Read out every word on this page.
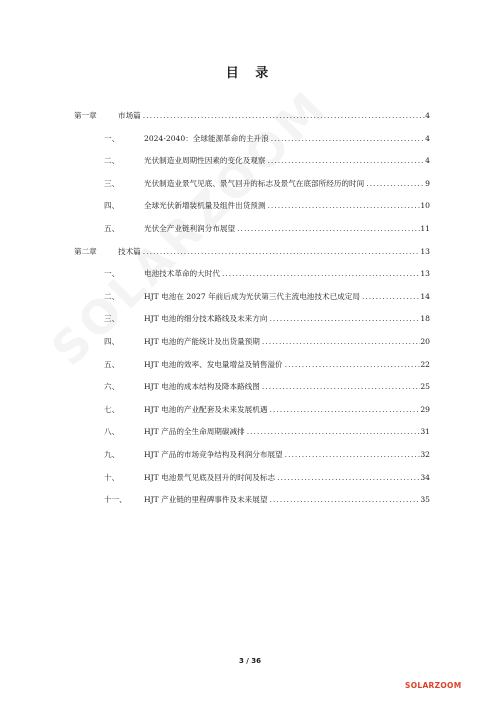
目 录
第一章	市场篇 .....	4
一、	2024-2040：全球能源革命的主升浪 .....	4
二、	光伏制造业周期性因素的变化及观察 .....	4
三、	光伏制造业景气见底、景气回升的标志及景气在底部所经历的时间 .....	9
四、	全球光伏新增装机量及组件出货预测 .....	10
五、	光伏全产业链利润分布展望 .....	11
第二章	技术篇 .....	13
一、	电池技术革命的大时代 .....	13
二、	HJT 电池在 2027 年前后成为光伏第三代主流电池技术已成定局 .....	14
三、	HJT 电池的细分技术路线及未来方向 .....	18
四、	HJT 电池的产能统计及出货量预期 .....	20
五、	HJT 电池的效率、发电量增益及销售溢价 .....	22
六、	HJT 电池的成本结构及降本路线图 .....	25
七、	HJT 电池的产业配套及未来发展机遇 .....	29
八、	HJT 产品的全生命周期碳减排 .....	31
九、	HJT 产品的市场竞争结构及利润分布展望 .....	32
十、	HJT 电池景气见底及回升的时间及标志 .....	34
十一、	HJT 产业链的里程碑事件及未来展望 .....	35
3 / 36
SOLARZOOM
